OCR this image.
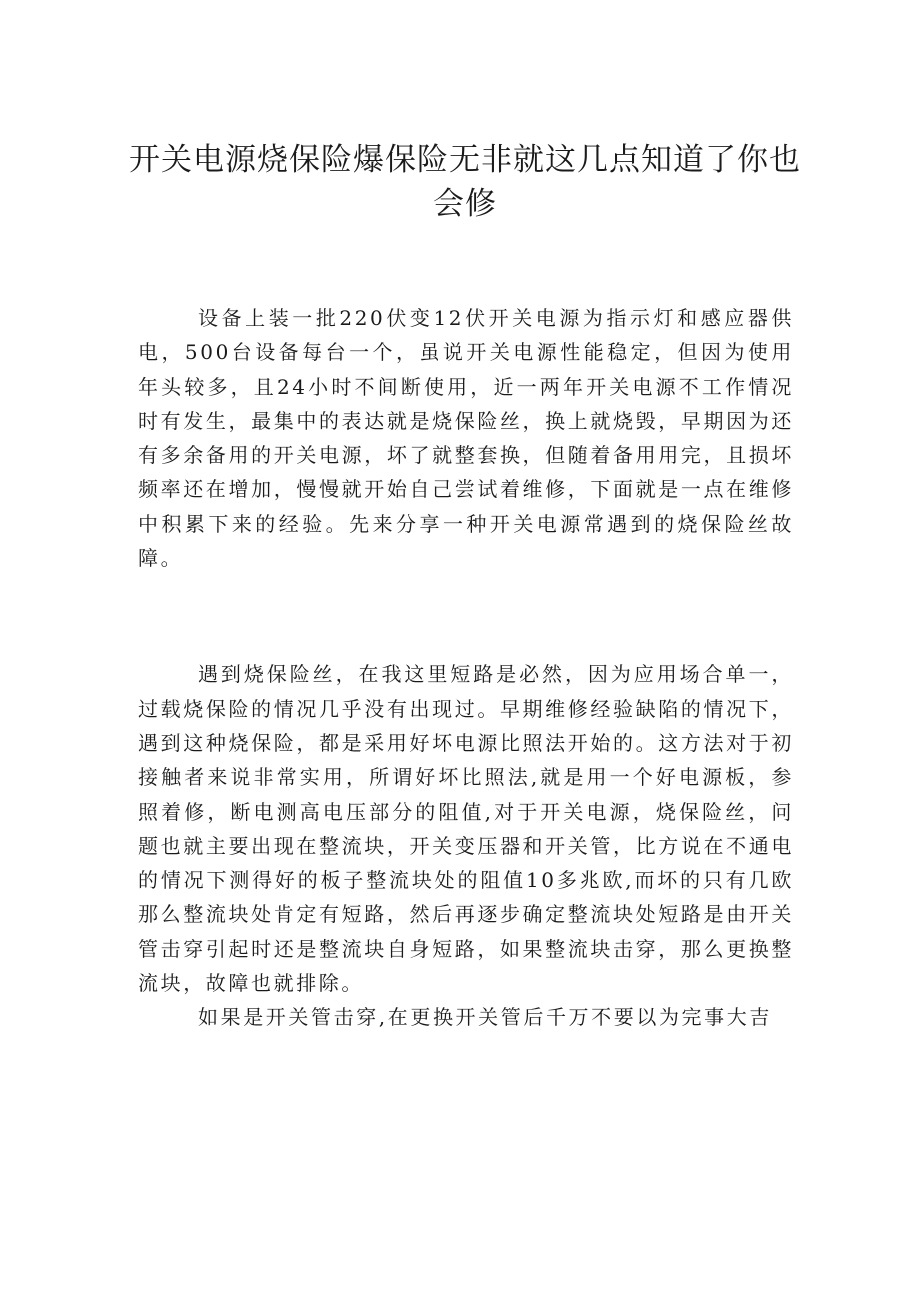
开关电源烧保险爆保险无非就这几点知道了你也会修

设备上装一批220伏变12伏开关电源为指示灯和感应器供电，500台设备每台一个，虽说开关电源性能稳定，但因为使用年头较多，且24小时不间断使用，近一两年开关电源不工作情况时有发生，最集中的表达就是烧保险丝，换上就烧毁，早期因为还有多余备用的开关电源，坏了就整套换，但随着备用用完，且损坏频率还在增加，慢慢就开始自己尝试着维修，下面就是一点在维修中积累下来的经验。先来分享一种开关电源常遇到的烧保险丝故障。

遇到烧保险丝，在我这里短路是必然，因为应用场合单一，过载烧保险的情况几乎没有出现过。早期维修经验缺陷的情况下，遇到这种烧保险，都是采用好坏电源比照法开始的。这方法对于初接触者来说非常实用，所谓好坏比照法,就是用一个好电源板，参照着修，断电测高电压部分的阻值,对于开关电源，烧保险丝，问题也就主要出现在整流块，开关变压器和开关管，比方说在不通电的情况下测得好的板子整流块处的阻值10多兆欧,而坏的只有几欧那么整流块处肯定有短路，然后再逐步确定整流块处短路是由开关管击穿引起时还是整流块自身短路，如果整流块击穿，那么更换整流块，故障也就排除。

如果是开关管击穿,在更换开关管后千万不要以为完事大吉
